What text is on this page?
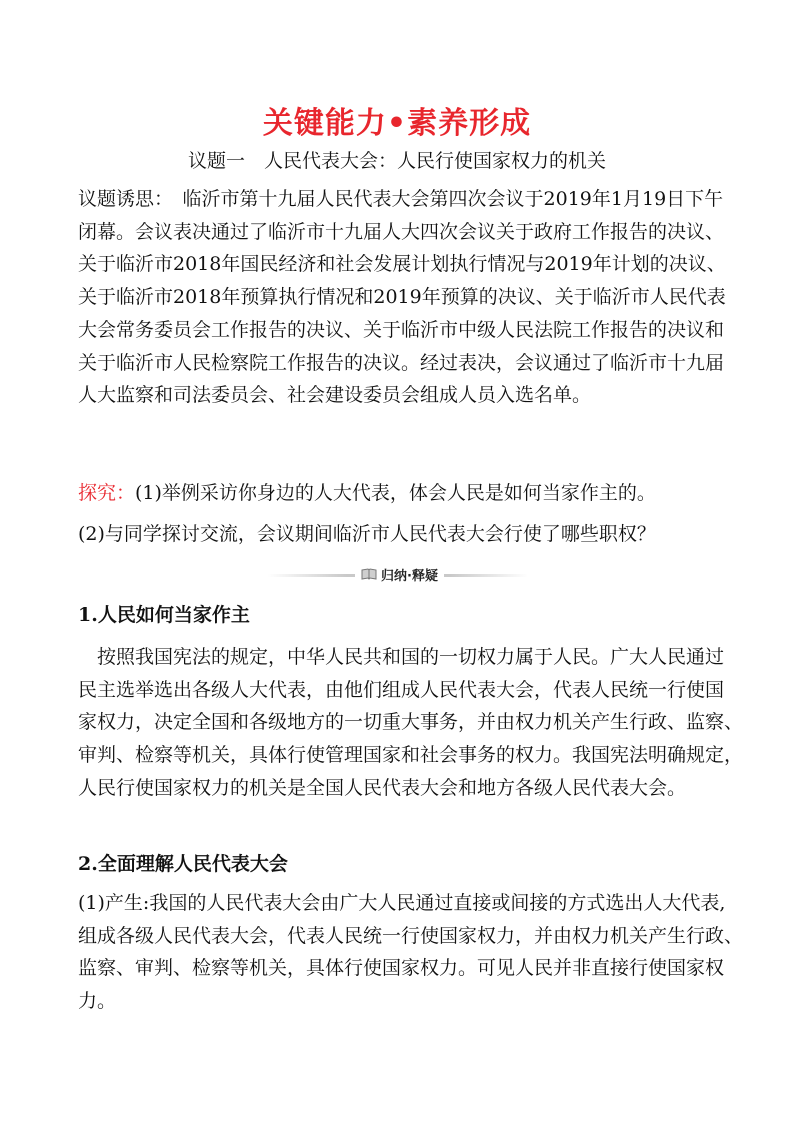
关键能力•素养形成
议题一　人民代表大会：人民行使国家权力的机关
议题诱思：　 临沂市第十九届人民代表大会第四次会议于2019年1月19日下午
闭幕。会议表决通过了临沂市十九届人大四次会议关于政府工作报告的决议、
关于临沂市2018年国民经济和社会发展计划执行情况与2019年计划的决议、
关于临沂市2018年预算执行情况和2019年预算的决议、关于临沂市人民代表
大会常务委员会工作报告的决议、关于临沂市中级人民法院工作报告的决议和
关于临沂市人民检察院工作报告的决议。经过表决，会议通过了临沂市十九届
人大监察和司法委员会、社会建设委员会组成人员入选名单。
探究：(1)举例采访你身边的人大代表，体会人民是如何当家作主的。
(2)与同学探讨交流，会议期间临沂市人民代表大会行使了哪些职权？
归纳·释疑
1.人民如何当家作主
按照我国宪法的规定，中华人民共和国的一切权力属于人民。广大人民通过
民主选举选出各级人大代表，由他们组成人民代表大会，代表人民统一行使国
家权力，决定全国和各级地方的一切重大事务，并由权力机关产生行政、监察、
审判、检察等机关，具体行使管理国家和社会事务的权力。我国宪法明确规定，
人民行使国家权力的机关是全国人民代表大会和地方各级人民代表大会。
2.全面理解人民代表大会
(1)产生:我国的人民代表大会由广大人民通过直接或间接的方式选出人大代表,
组成各级人民代表大会，代表人民统一行使国家权力，并由权力机关产生行政、
监察、审判、检察等机关，具体行使国家权力。可见人民并非直接行使国家权
力。
